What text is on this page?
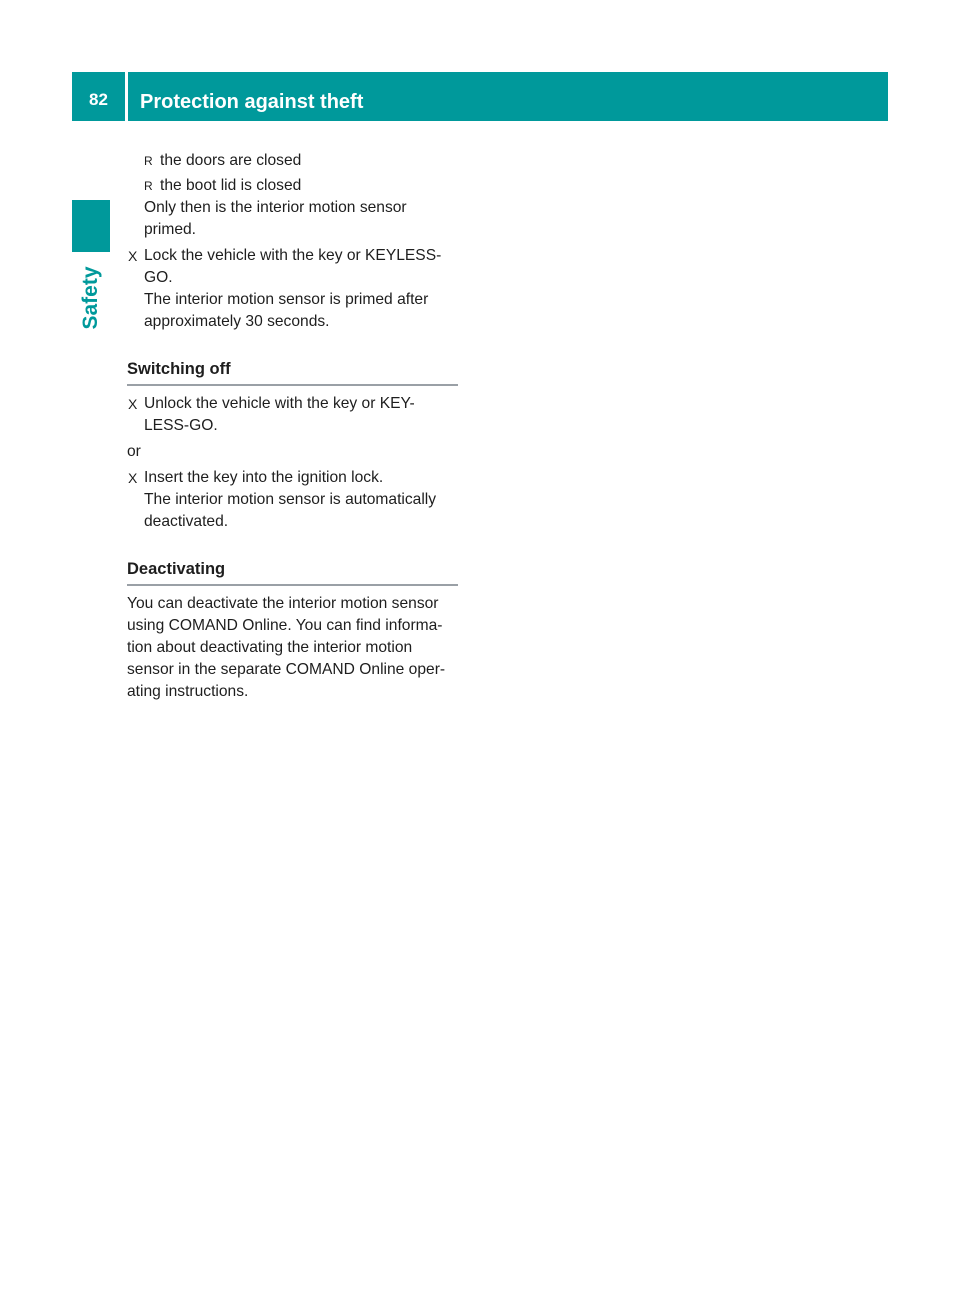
82	Protection against theft
Safety
R the doors are closed
R the boot lid is closed
Only then is the interior motion sensor
primed.
X Lock the vehicle with the key or KEYLESS-
GO.
The interior motion sensor is primed after
approximately 30 seconds.
Switching off
X Unlock the vehicle with the key or KEY-
LESS-GO.
or
X Insert the key into the ignition lock.
The interior motion sensor is automatically
deactivated.
Deactivating
You can deactivate the interior motion sensor
using COMAND Online. You can find informa-
tion about deactivating the interior motion
sensor in the separate COMAND Online oper-
ating instructions.
